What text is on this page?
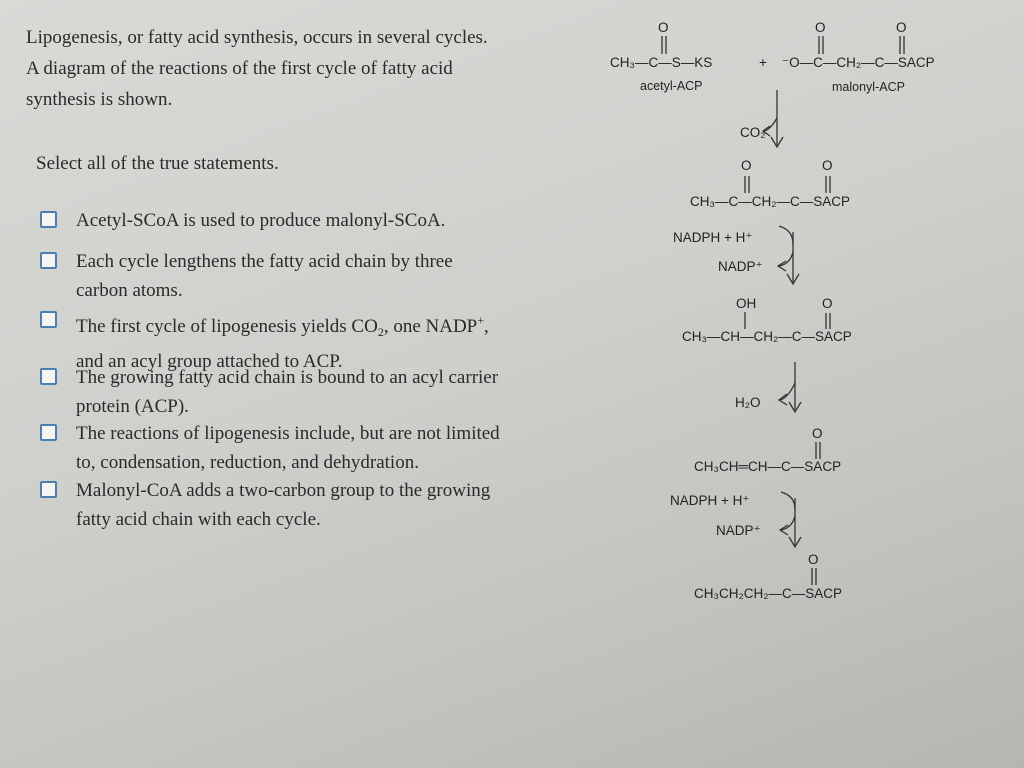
Lipogenesis, or fatty acid synthesis, occurs in several cycles.
A diagram of the reactions of the first cycle of fatty acid
synthesis is shown.
Select all of the true statements.
Acetyl-SCoA is used to produce malonyl-SCoA.
Each cycle lengthens the fatty acid chain by three
carbon atoms.
The first cycle of lipogenesis yields $CO_2$, one NADP+,
and an acyl group attached to ACP.
The growing fatty acid chain is bound to an acyl carrier
protein (ACP).
The reactions of lipogenesis include, but are not limited
to, condensation, reduction, and dehydration.
Malonyl-CoA adds a two-carbon group to the growing
fatty acid chain with each cycle.
O	O	O
CH₃—C—S—KS	+ ⁻O—C—CH₂—C—SACP
acetyl-ACP	malonyl-ACP
CO₂
O	O
CH₃—C—CH₂—C—SACP
NADPH + H⁺
NADP⁺
OH	O
CH₃—CH—CH₂—C—SACP
H₂O
O
CH₃CH═CH—C—SACP
NADPH + H⁺
NADP⁺
O
CH₃CH₂CH₂—C—SACP
